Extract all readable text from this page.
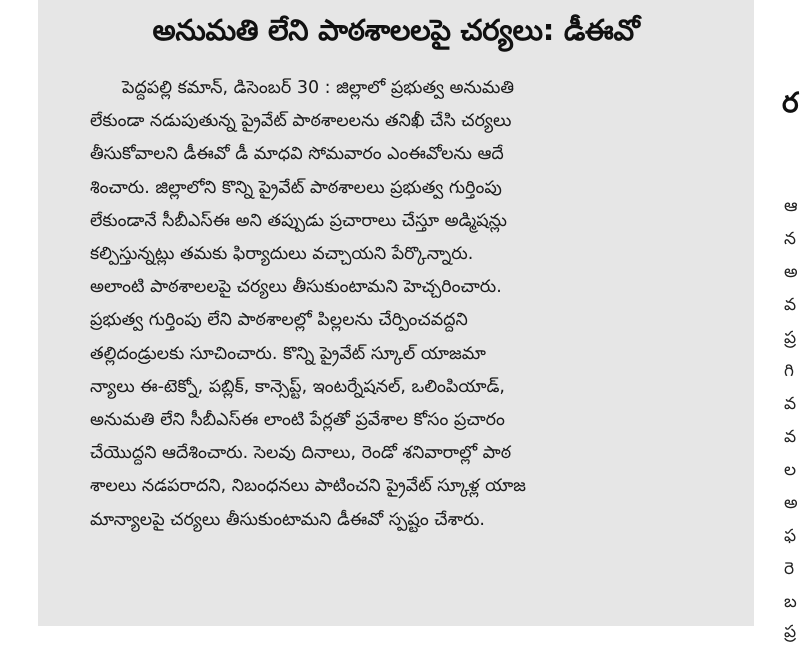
అనుమతి లేని పాఠశాలలపై చర్యలు: డీఈవో
పెద్దపల్లి కమాన్, డిసెంబర్ 30 : జిల్లాలో ప్రభుత్వ అనుమతి
లేకుండా నడుపుతున్న ప్రైవేట్ పాఠశాలలను తనిఖీ చేసి చర్యలు
తీసుకోవాలని డీఈవో డీ మాధవి సోమవారం ఎంఈవోలను ఆదే
శించారు. జిల్లాలోని కొన్ని ప్రైవేట్ పాఠశాలలు ప్రభుత్వ గుర్తింపు
లేకుండానే సీబీఎస్ఈ అని తప్పుడు ప్రచారాలు చేస్తూ అడ్మిషన్లు
కల్పిస్తున్నట్లు తమకు ఫిర్యాదులు వచ్చాయని పేర్కొన్నారు.
అలాంటి పాఠశాలలపై చర్యలు తీసుకుంటామని హెచ్చరించారు.
ప్రభుత్వ గుర్తింపు లేని పాఠశాలల్లో పిల్లలను చేర్పించవద్దని
తల్లిదండ్రులకు సూచించారు. కొన్ని ప్రైవేట్ స్కూల్ యాజమా
న్యాలు ఈ-టెక్నో, పబ్లిక్, కాన్సెప్ట్, ఇంటర్నేషనల్, ఒలింపియాడ్,
అనుమతి లేని సీబీఎస్ఈ లాంటి పేర్లతో ప్రవేశాల కోసం ప్రచారం
చేయొద్దని ఆదేశించారు. సెలవు దినాలు, రెండో శనివారాల్లో పాఠ
శాలలు నడపరాదని, నిబంధనలు పాటించని ప్రైవేట్ స్కూళ్ల యాజ
మాన్యాలపై చర్యలు తీసుకుంటామని డీఈవో స్పష్టం చేశారు.
ర
ఆ
న
అ
వ
ప్ర
గి
వ
వ
ల
అ
ఫ
రె
బ
ప్ర
